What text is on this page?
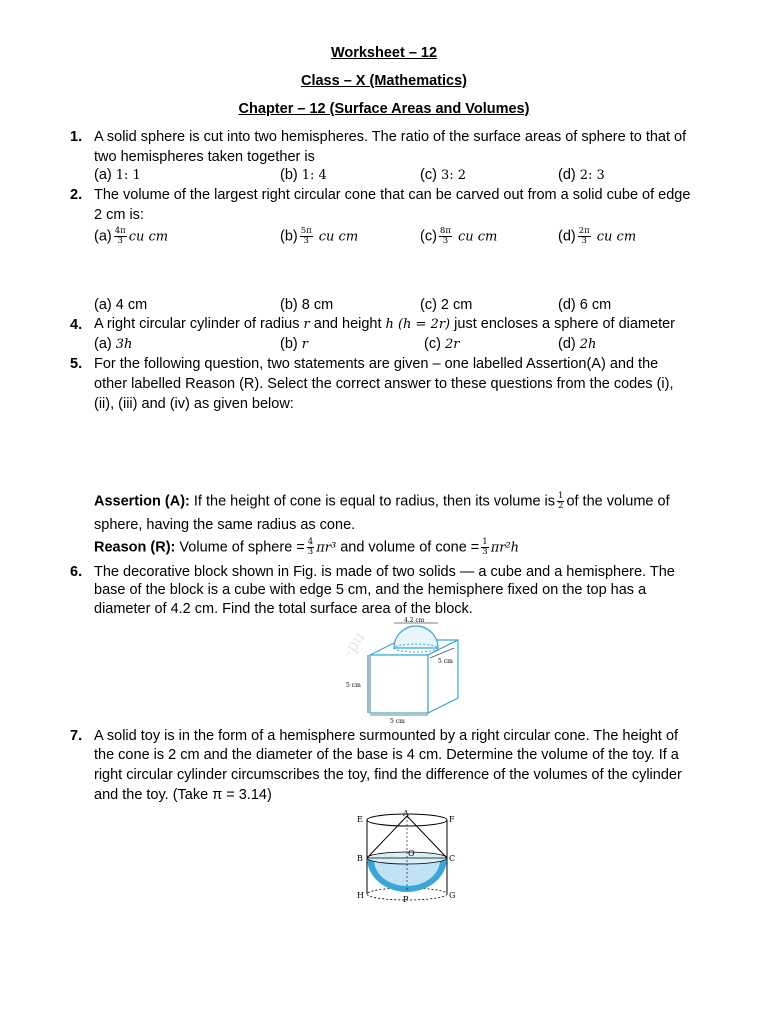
Worksheet – 12
Class – X (Mathematics)
Chapter – 12 (Surface Areas and Volumes)
1. A solid sphere is cut into two hemispheres. The ratio of the surface areas of sphere to that of
two hemispheres taken together is
(a) 1: 1	(b) 1: 4	(c) 3: 2	(d) 2: 3
2. The volume of the largest right circular cone that can be carved out from a solid cube of edge
2 cm is:
$(a) \frac{4\pi}{3}$ cu cm	$(b) \frac{5\pi}{3}$ cu cm	$(c) \frac{8\pi}{3}$ cu cm	$(d) \frac{2\pi}{3}$ cu cm
(a) 4 cm	(b) 8 cm	(c) 2 cm	(d) 6 cm
4. A right circular cylinder of radius r and height h (h = 2r) just encloses a sphere of diameter
(a) 3h	(b) r	(c) 2r	(d) 2h
5. For the following question, two statements are given – one labelled Assertion(A) and the
other labelled Reason (R). Select the correct answer to these questions from the codes (i),
(ii), (iii) and (iv) as given below:
Assertion (A): If the height of cone is equal to radius, then its volume is $\frac{1}{2}$ of the volume of
sphere, having the same radius as cone.
Reason (R): Volume of sphere = $\frac{4}{3} \pi r^3$ and volume of cone = $\frac{1}{3} \pi r^2h$
6. The decorative block shown in Fig. is made of two solids — a cube and a hemisphere. The
base of the block is a cube with edge 5 cm, and the hemisphere fixed on the top has a
diameter of 4.2 cm. Find the total surface area of the block.
-pu
4.2 cm
5 cm
5 cm
5 cm
7. A solid toy is in the form of a hemisphere surmounted by a right circular cone. The height of
the cone is 2 cm and the diameter of the base is 4 cm. Determine the volume of the toy. If a
right circular cylinder circumscribes the toy, find the difference of the volumes of the cylinder
and the toy. (Take π = 3.14)
E
A
F
B
O
C
H	P	G
